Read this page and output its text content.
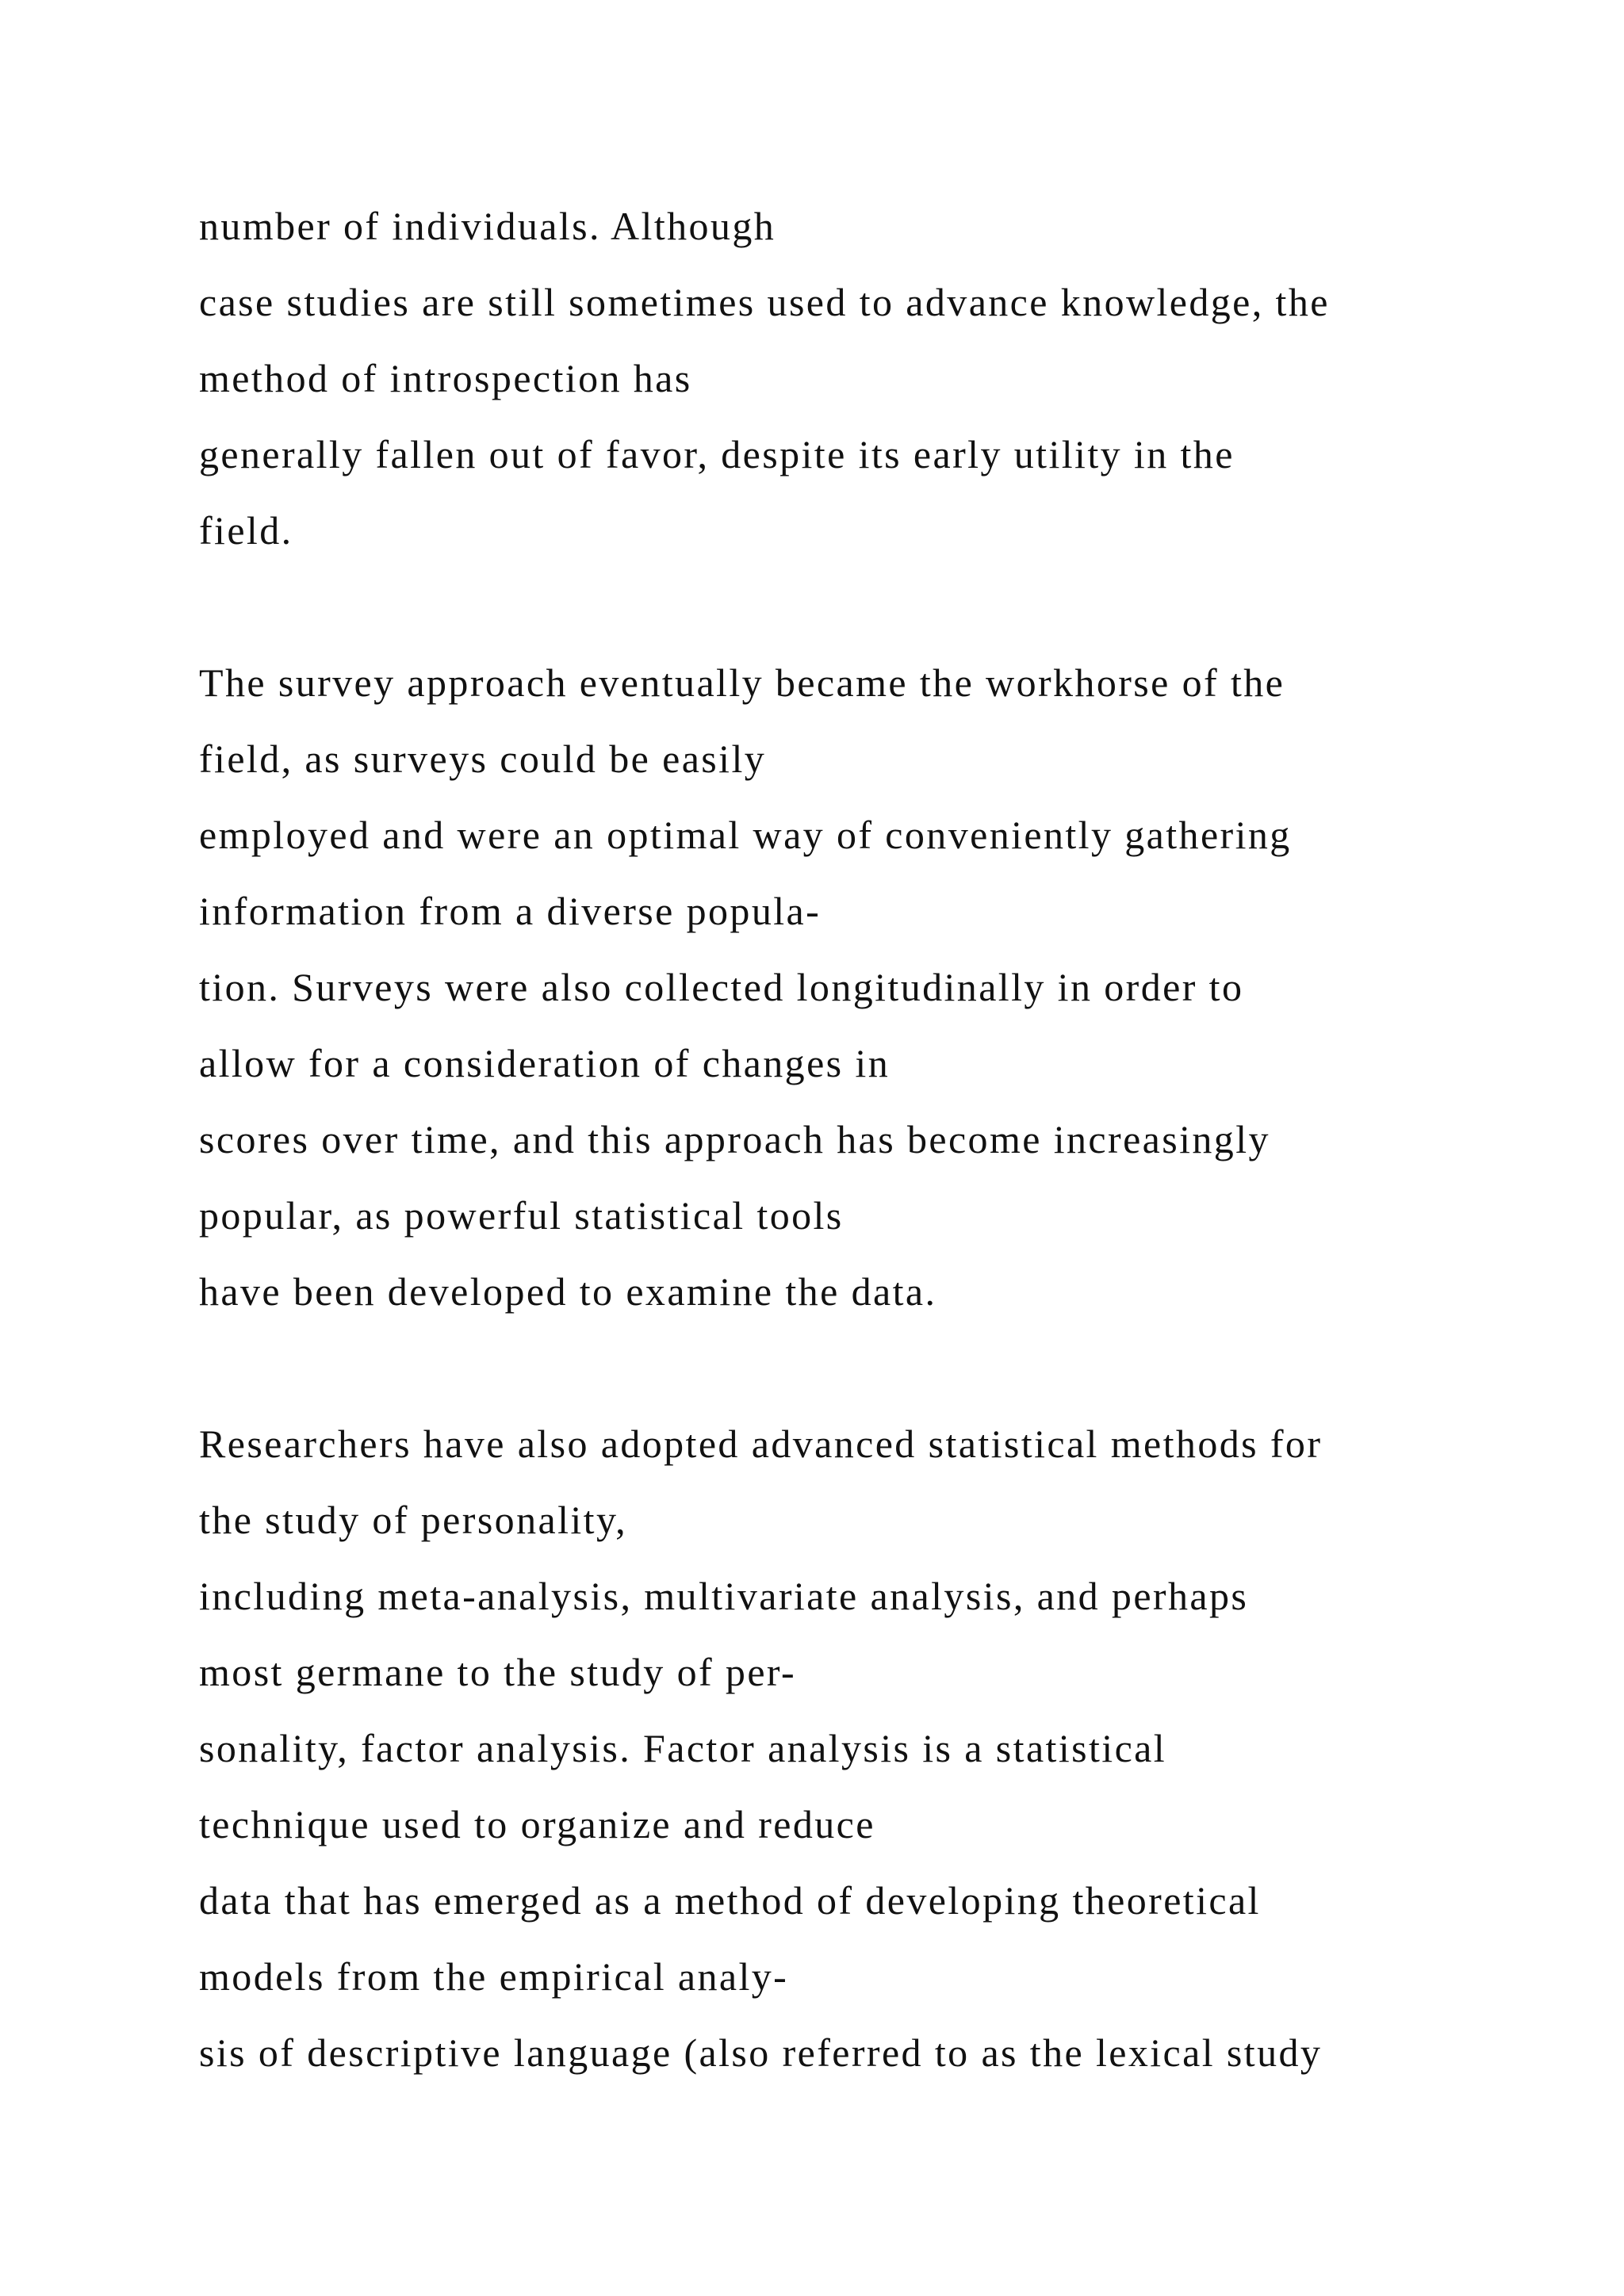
number of individuals. Although
case studies are still sometimes used to advance knowledge, the
method of introspection has
generally fallen out of favor, despite its early utility in the
field.
The survey approach eventually became the workhorse of the
field, as surveys could be easily
employed and were an optimal way of conveniently gathering
information from a diverse popula-
tion. Surveys were also collected longitudinally in order to
allow for a consideration of changes in
scores over time, and this approach has become increasingly
popular, as powerful statistical tools
have been developed to examine the data.
Researchers have also adopted advanced statistical methods for
the study of personality,
including meta-analysis, multivariate analysis, and perhaps
most germane to the study of per-
sonality, factor analysis. Factor analysis is a statistical
technique used to organize and reduce
data that has emerged as a method of developing theoretical
models from the empirical analy-
sis of descriptive language (also referred to as the lexical study
